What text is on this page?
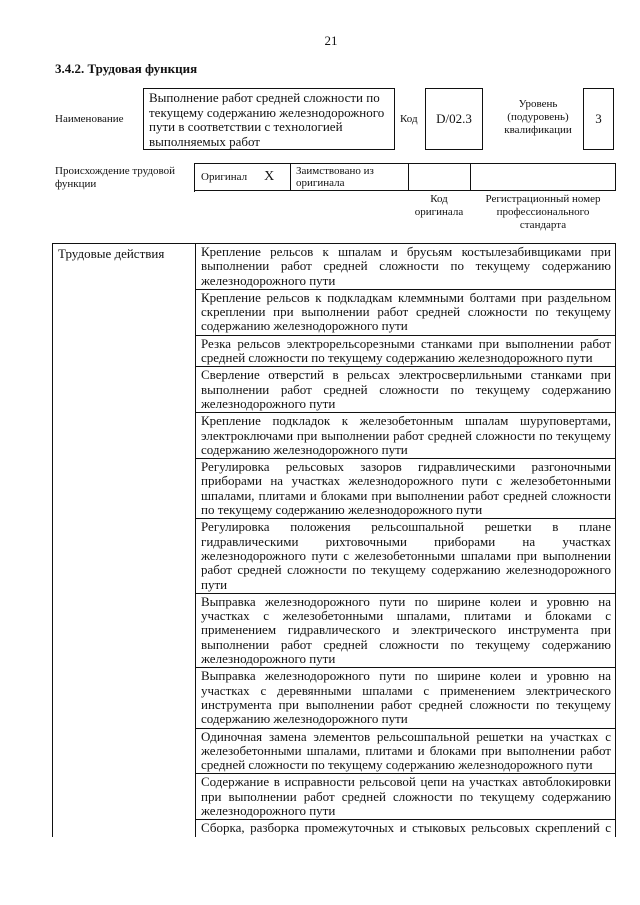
21
3.4.2. Трудовая функция
Наименование
Выполнение работ средней сложности по текущему содержанию железнодорожного пути в соответствии с технологией выполняемых работ
Код D/02.3
Уровень (подуровень) квалификации
3
Происхождение трудовой функции
Оригинал X	Заимствовано из оригинала
Код оригинала
Регистрационный номер профессионального стандарта
Трудовые действия	Крепление рельсов к шпалам и брусьям костылезабивщиками при выполнении работ средней сложности по текущему содержанию железнодорожного пути
Крепление рельсов к подкладкам клеммными болтами при раздельном скреплении при выполнении работ средней сложности по текущему содержанию железнодорожного пути
Резка рельсов электрорельсорезными станками при выполнении работ средней сложности по текущему содержанию железнодорожного пути
Сверление отверстий в рельсах электросверлильными станками при выполнении работ средней сложности по текущему содержанию железнодорожного пути
Крепление подкладок к железобетонным шпалам шуруповертами, электроключами при выполнении работ средней сложности по текущему содержанию железнодорожного пути
Регулировка рельсовых зазоров гидравлическими разгоночными приборами на участках железнодорожного пути с железобетонными шпалами, плитами и блоками при выполнении работ средней сложности по текущему содержанию железнодорожного пути
Регулировка положения рельсошпальной решетки в плане гидравлическими рихтовочными приборами на участках железнодорожного пути с железобетонными шпалами при выполнении работ средней сложности по текущему содержанию железнодорожного пути
Выправка железнодорожного пути по ширине колеи и уровню на участках с железобетонными шпалами, плитами и блоками с применением гидравлического и электрического инструмента при выполнении работ средней сложности по текущему содержанию железнодорожного пути
Выправка железнодорожного пути по ширине колеи и уровню на участках с деревянными шпалами с применением электрического инструмента при выполнении работ средней сложности по текущему содержанию железнодорожного пути
Одиночная замена элементов рельсошпальной решетки на участках с железобетонными шпалами, плитами и блоками при выполнении работ средней сложности по текущему содержанию железнодорожного пути
Содержание в исправности рельсовой цепи на участках автоблокировки при выполнении работ средней сложности по текущему содержанию железнодорожного пути
Сборка, разборка промежуточных и стыковых рельсовых скреплений с
